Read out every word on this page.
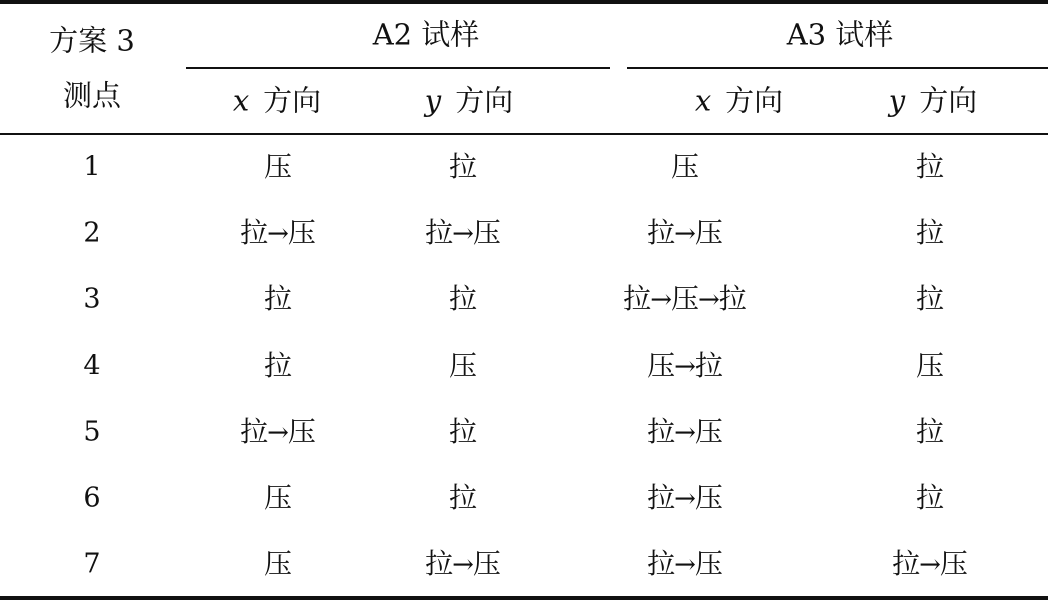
方案 3
测点
A2 试样	A3 试样
x 方向	y 方向	x 方向	y 方向
1	压	拉	压	拉
2	拉→压	拉→压	拉→压	拉
3	拉	拉	拉→压→拉	拉
4	拉	压	压→拉	压
5	拉→压	拉	拉→压	拉
6	压	拉	拉→压	拉
7	压	拉→压	拉→压	拉→压
